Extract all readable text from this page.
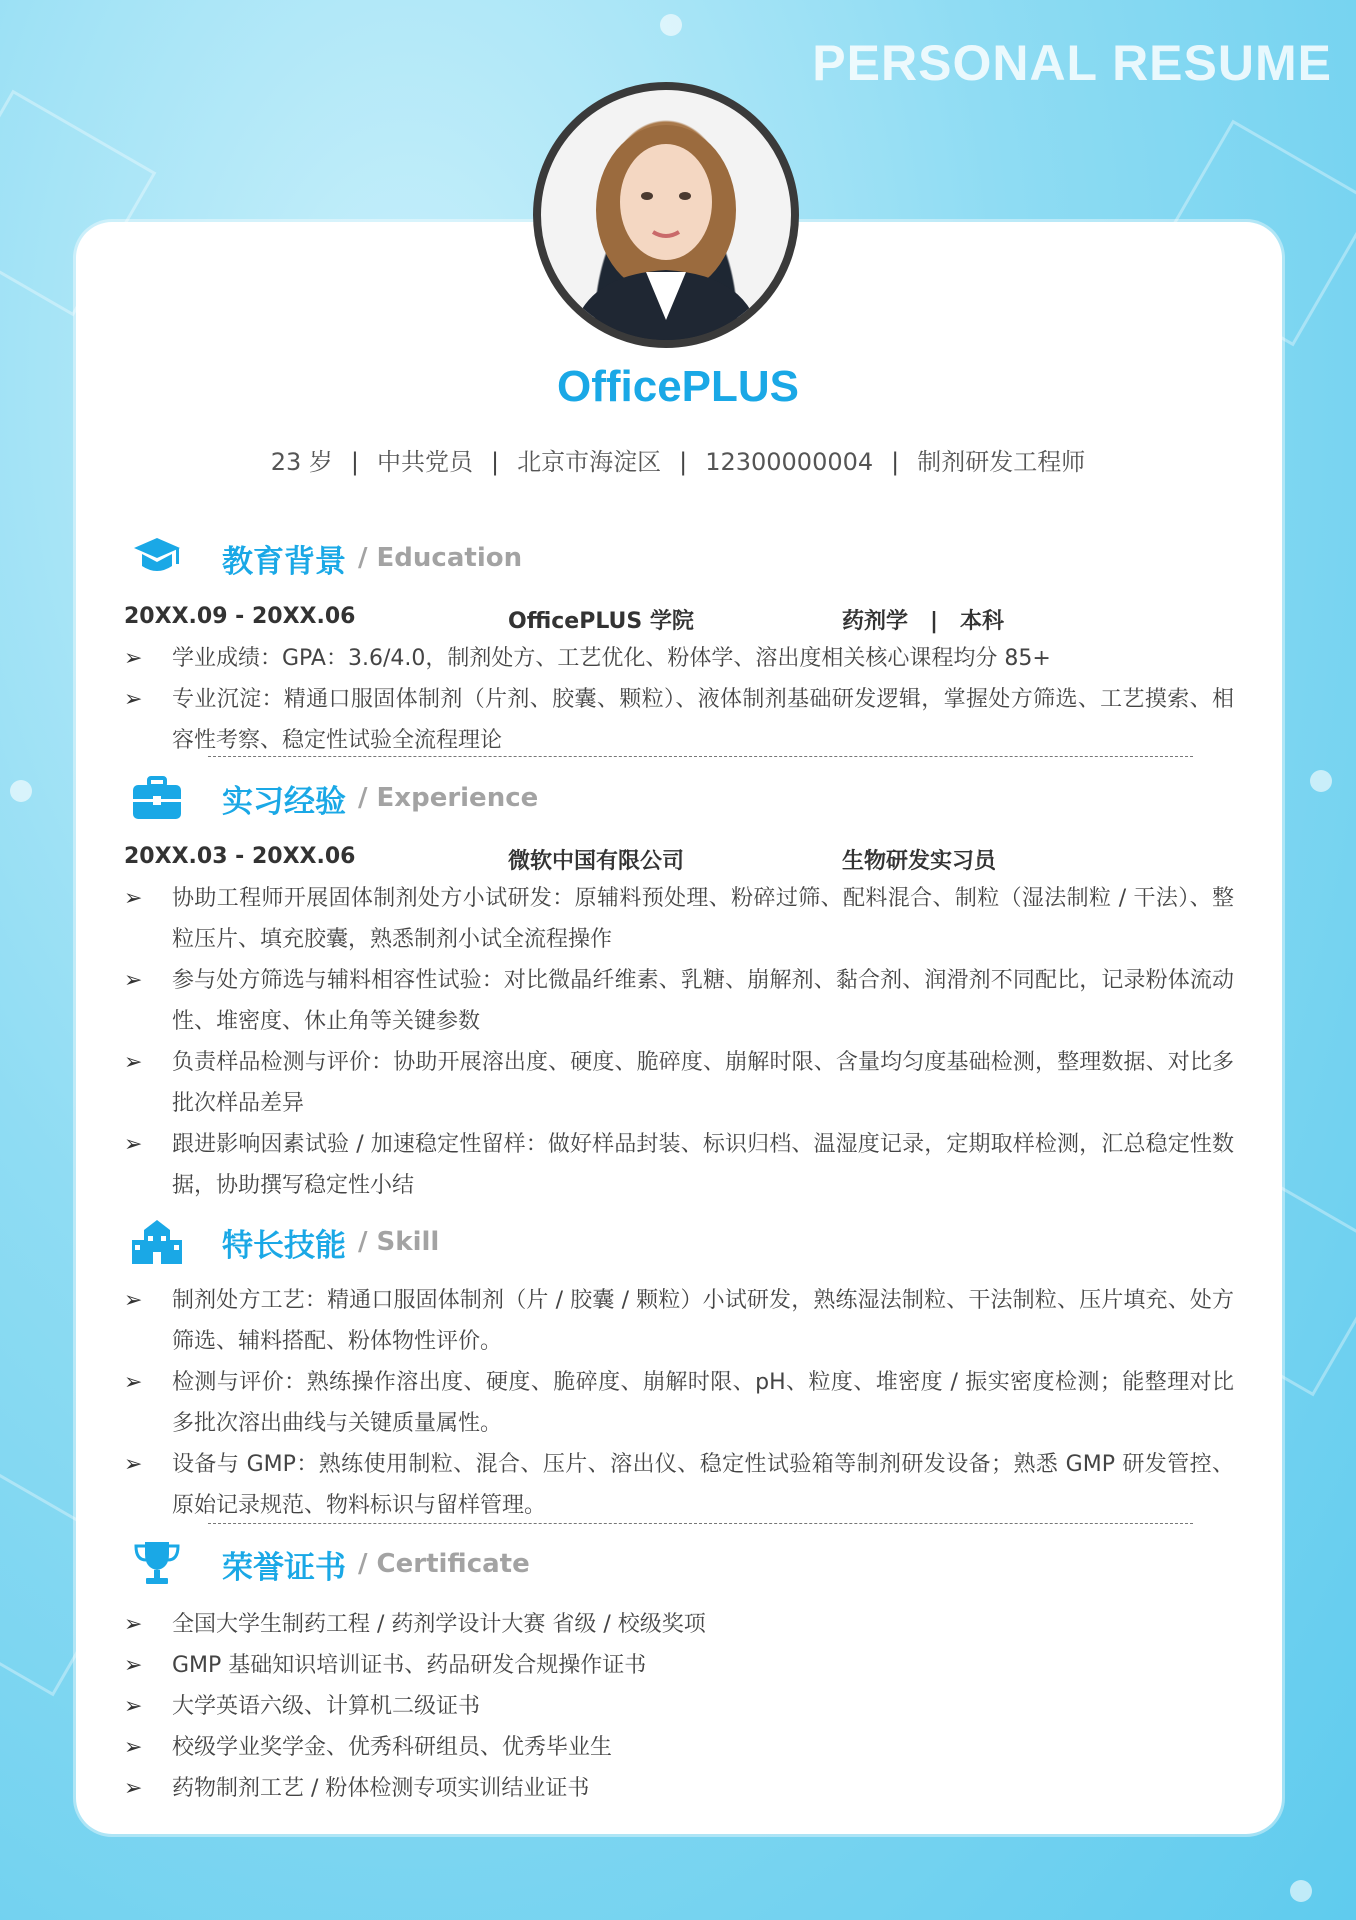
PERSONAL RESUME
OfficePLUS
23 岁 | 中共党员 | 北京市海淀区 | 12300000004 | 制剂研发工程师
教育背景 / Education
20XX.09 - 20XX.06	OfficePLUS 学院	药剂学　|　本科
➢ 学业成绩：GPA：3.6/4.0，制剂处方、工艺优化、粉体学、溶出度相关核心课程均分 85+
➢ 专业沉淀：精通口服固体制剂（片剂、胶囊、颗粒）、液体制剂基础研发逻辑，掌握处方筛选、工艺摸索、相容性考察、稳定性试验全流程理论
实习经验 / Experience
20XX.03 - 20XX.06	微软中国有限公司	生物研发实习员
➢ 协助工程师开展固体制剂处方小试研发：原辅料预处理、粉碎过筛、配料混合、制粒（湿法制粒 / 干法）、整粒压片、填充胶囊，熟悉制剂小试全流程操作
➢ 参与处方筛选与辅料相容性试验：对比微晶纤维素、乳糖、崩解剂、黏合剂、润滑剂不同配比，记录粉体流动性、堆密度、休止角等关键参数
➢ 负责样品检测与评价：协助开展溶出度、硬度、脆碎度、崩解时限、含量均匀度基础检测，整理数据、对比多批次样品差异
➢ 跟进影响因素试验 / 加速稳定性留样：做好样品封装、标识归档、温湿度记录，定期取样检测，汇总稳定性数据，协助撰写稳定性小结
特长技能 / Skill
➢ 制剂处方工艺：精通口服固体制剂（片 / 胶囊 / 颗粒）小试研发，熟练湿法制粒、干法制粒、压片填充、处方筛选、辅料搭配、粉体物性评价。
➢ 检测与评价：熟练操作溶出度、硬度、脆碎度、崩解时限、pH、粒度、堆密度 / 振实密度检测；能整理对比多批次溶出曲线与关键质量属性。
➢ 设备与 GMP：熟练使用制粒、混合、压片、溶出仪、稳定性试验箱等制剂研发设备；熟悉 GMP 研发管控、原始记录规范、物料标识与留样管理。
荣誉证书 / Certificate
➢ 全国大学生制药工程 / 药剂学设计大赛 省级 / 校级奖项
➢ GMP 基础知识培训证书、药品研发合规操作证书
➢ 大学英语六级、计算机二级证书
➢ 校级学业奖学金、优秀科研组员、优秀毕业生
➢ 药物制剂工艺 / 粉体检测专项实训结业证书
